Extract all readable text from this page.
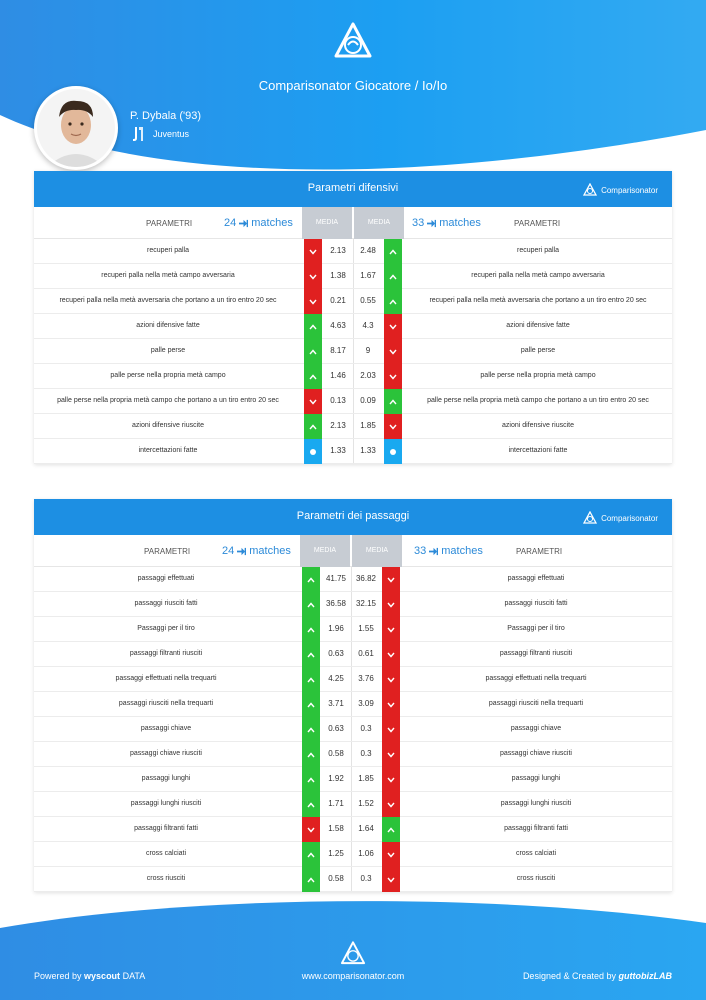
Comparisonator Giocatore / Io/Io
P. Dybala ('93)
Juventus
Parametri difensivi	Comparisonator
PARAMETRI	24 matches	MEDIA	MEDIA	33 matches	PARAMETRI
recuperi palla	2.13	2.48	recuperi palla
recuperi palla nella metà campo avversaria	1.38	1.67	recuperi palla nella metà campo avversaria
recuperi palla nella metà avversaria che portano a un tiro entro 20 sec	0.21	0.55	recuperi palla nella metà avversaria che portano a un tiro entro 20 sec
azioni difensive fatte	4.63	4.3	azioni difensive fatte
palle perse	8.17	9	palle perse
palle perse nella propria metà campo	1.46	2.03	palle perse nella propria metà campo
palle perse nella propria metà campo che portano a un tiro entro 20 sec	0.13	0.09	palle perse nella propria metà campo che portano a un tiro entro 20 sec
azioni difensive riuscite	2.13	1.85	azioni difensive riuscite
intercettazioni fatte	1.33	1.33	intercettazioni fatte
Parametri dei passaggi	Comparisonator
PARAMETRI	24 matches	MEDIA	MEDIA	33 matches	PARAMETRI
passaggi effettuati	41.75	36.82	passaggi effettuati
passaggi riusciti fatti	36.58	32.15	passaggi riusciti fatti
Passaggi per il tiro	1.96	1.55	Passaggi per il tiro
passaggi filtranti riusciti	0.63	0.61	passaggi filtranti riusciti
passaggi effettuati nella trequarti	4.25	3.76	passaggi effettuati nella trequarti
passaggi riusciti nella trequarti	3.71	3.09	passaggi riusciti nella trequarti
passaggi chiave	0.63	0.3	passaggi chiave
passaggi chiave riusciti	0.58	0.3	passaggi chiave riusciti
passaggi lunghi	1.92	1.85	passaggi lunghi
passaggi lunghi riusciti	1.71	1.52	passaggi lunghi riusciti
passaggi filtranti fatti	1.58	1.64	passaggi filtranti fatti
cross calciati	1.25	1.06	cross calciati
cross riusciti	0.58	0.3	cross riusciti
Powered by wyscout DATA	www.comparisonator.com	Designed & Created by guttobizLAB
